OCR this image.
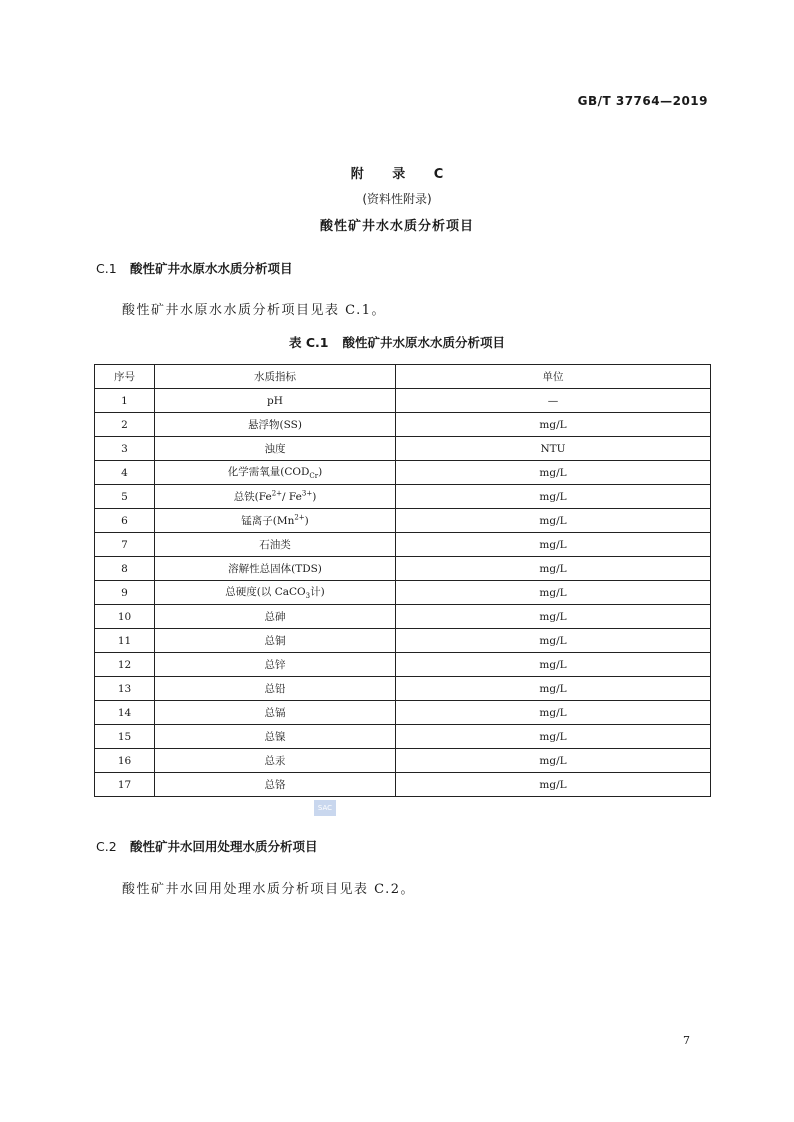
GB/T 37764—2019
附 录 C
(资料性附录)
酸性矿井水水质分析项目
C.1 酸性矿井水原水水质分析项目
酸性矿井水原水水质分析项目见表 C.1。
表 C.1 酸性矿井水原水水质分析项目
序号	水质指标	单位
1	pH	—
2	悬浮物(SS)	mg/L
3	浊度	NTU
4	化学需氧量$(COD_{Cr})$	mg/L
5	总铁($Fe^{2+}/$ $Fe^{3+}$)	mg/L
6	锰离子$(Mn^{2+})$	mg/L
7	石油类	mg/L
8	溶解性总固体(TDS)	mg/L
9	总硬度(以 CaCO$_3$计)	mg/L
10	总砷	mg/L
11	总铜	mg/L
12	总锌	mg/L
13	总铅	mg/L
14	总镉	mg/L
15	总镍	mg/L
16	总汞	mg/L
17	总铬	mg/L
SAC
C.2 酸性矿井水回用处理水质分析项目
酸性矿井水回用处理水质分析项目见表 C.2。
7
